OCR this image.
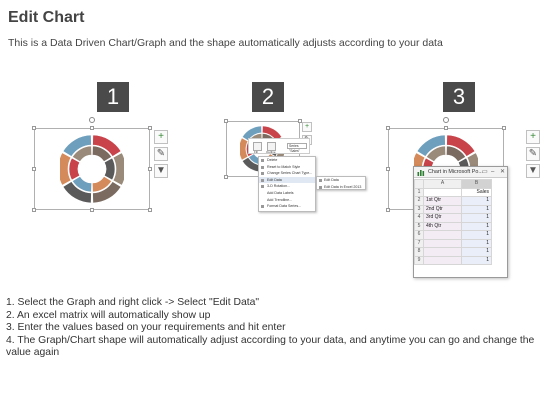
Edit Chart
This is a Data Driven Chart/Graph and the shape automatically adjusts according to your data
1	2	3
+
✎
▼
+
Fill	Outline
Series "Sales"
Delete
Reset to Match Style
Change Series Chart Type...
Edit Data
3-D Rotation...
Add Data Labels
Add Trendline...
Format Data Series...
Edit Data
Edit Data in Excel 2013
+
✎
▼
Chart in Microsoft Po... ▭ – ✕
	A	B
1		Sales
2	1st Qtr	1
3	2nd Qtr	1
4	3rd Qtr	1
5	4th Qtr	1
6		1
7		1
8		1
9		1
1. Select the Graph and right click -> Select "Edit Data"
2. An excel matrix will automatically show up
3. Enter the values based on your requirements and hit enter
4. The Graph/Chart shape will automatically adjust according to your data, and anytime you can go and change the value again
